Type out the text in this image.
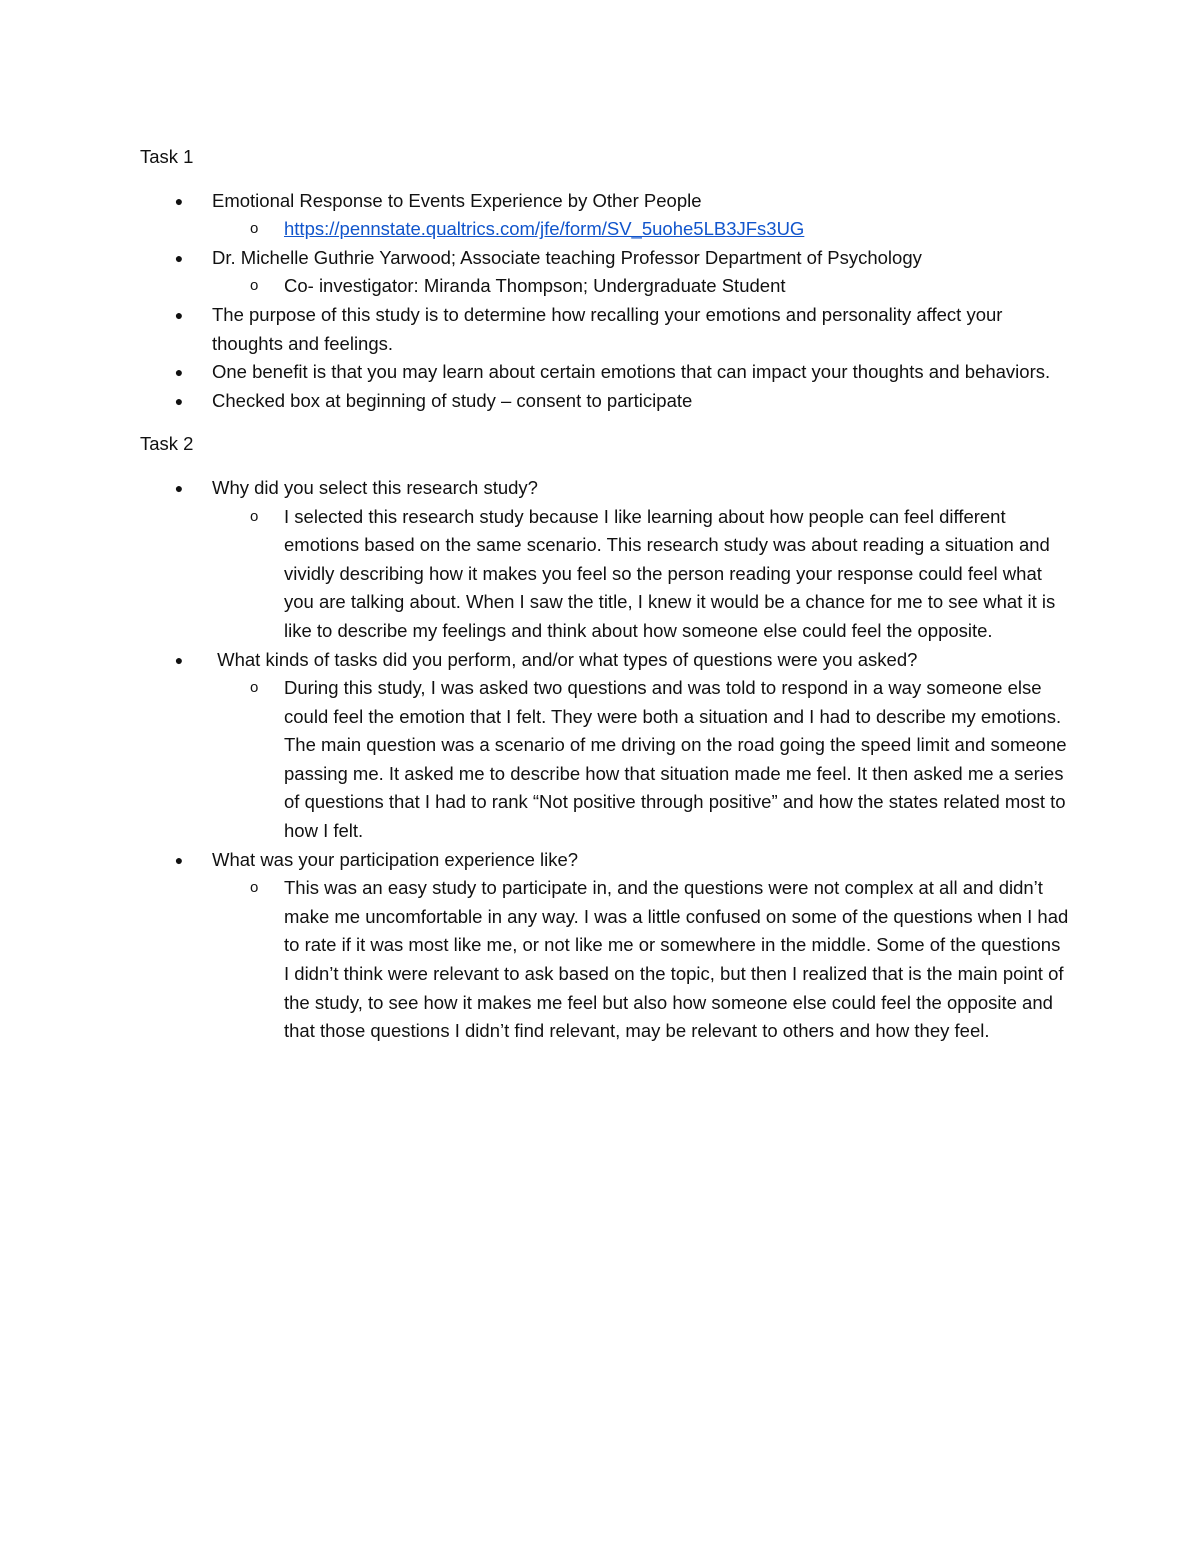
Task 1

● Emotional Response to Events Experience by Other People
o https://pennstate.qualtrics.com/jfe/form/SV_5uohe5LB3JFs3UG
● Dr. Michelle Guthrie Yarwood; Associate teaching Professor Department of Psychology
o Co- investigator: Miranda Thompson; Undergraduate Student
● The purpose of this study is to determine how recalling your emotions and personality affect your thoughts and feelings.
● One benefit is that you may learn about certain emotions that can impact your thoughts and behaviors.
● Checked box at beginning of study – consent to participate

Task 2

● Why did you select this research study?
o I selected this research study because I like learning about how people can feel different emotions based on the same scenario. This research study was about reading a situation and vividly describing how it makes you feel so the person reading your response could feel what you are talking about. When I saw the title, I knew it would be a chance for me to see what it is like to describe my feelings and think about how someone else could feel the opposite.
● What kinds of tasks did you perform, and/or what types of questions were you asked?
o During this study, I was asked two questions and was told to respond in a way someone else could feel the emotion that I felt. They were both a situation and I had to describe my emotions. The main question was a scenario of me driving on the road going the speed limit and someone passing me. It asked me to describe how that situation made me feel. It then asked me a series of questions that I had to rank “Not positive through positive” and how the states related most to how I felt.
● What was your participation experience like?
o This was an easy study to participate in, and the questions were not complex at all and didn’t make me uncomfortable in any way. I was a little confused on some of the questions when I had to rate if it was most like me, or not like me or somewhere in the middle. Some of the questions I didn’t think were relevant to ask based on the topic, but then I realized that is the main point of the study, to see how it makes me feel but also how someone else could feel the opposite and that those questions I didn’t find relevant, may be relevant to others and how they feel.
